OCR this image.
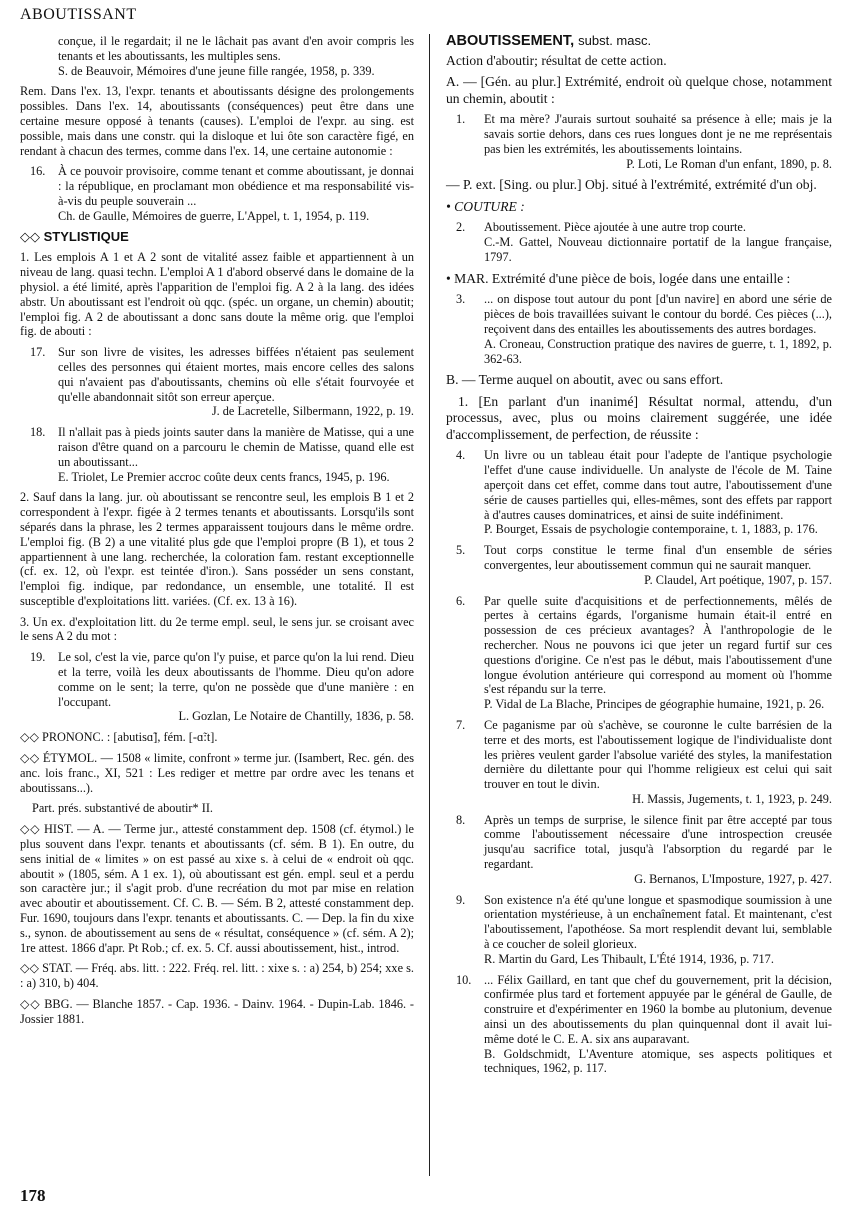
ABOUTISSANT
conçue, il le regardait; il ne le lâchait pas avant d'en avoir compris les tenants et les aboutissants, les multiples sens.
S. de Beauvoir, Mémoires d'une jeune fille rangée, 1958, p. 339.

Rem. Dans l'ex. 13, l'expr. tenants et aboutissants désigne des prolongements possibles. Dans l'ex. 14, aboutissants (conséquences) peut être dans une certaine mesure opposé à tenants (causes). L'emploi de l'expr. au sing. est possible, mais dans une constr. qui la disloque et lui ôte son caractère figé, en rendant à chacun des termes, comme dans l'ex. 14, une certaine autonomie :

16. À ce pouvoir provisoire, comme tenant et comme aboutissant, je donnai : la république, en proclamant mon obédience et ma responsabilité vis-à-vis du peuple souverain ...
Ch. de Gaulle, Mémoires de guerre, L'Appel, t. 1, 1954, p. 119.
◇◇ STYLISTIQUE

1. Les emplois A 1 et A 2 sont de vitalité assez faible et appartiennent à un niveau de lang. quasi techn. L'emploi A 1 d'abord observé dans le domaine de la physiol. a été limité, après l'apparition de l'emploi fig. A 2 à la lang. des idées abstr. Un aboutissant est l'endroit où qqc. (spéc. un organe, un chemin) aboutit; l'emploi fig. A 2 de aboutissant a donc sans doute la même orig. que l'emploi fig. de abouti :

17. Sur son livre de visites, les adresses biffées n'étaient pas seulement celles des personnes qui étaient mortes, mais encore celles des salons qui n'avaient pas d'aboutissants, chemins où elle s'était fourvoyée et qu'elle abandonnait sitôt son erreur aperçue.
J. de Lacretelle, Silbermann, 1922, p. 19.
18. Il n'allait pas à pieds joints sauter dans la manière de Matisse, qui a une raison d'être quand on a parcouru le chemin de Matisse, quand elle est un aboutissant...
E. Triolet, Le Premier accroc coûte deux cents francs, 1945, p. 196.

2. Sauf dans la lang. jur. où aboutissant se rencontre seul, les emplois B 1 et 2 correspondent à l'expr. figée à 2 termes tenants et aboutissants. Lorsqu'ils sont séparés dans la phrase, les 2 termes apparaissent toujours dans le même ordre. L'emploi fig. (B 2) a une vitalité plus gde que l'emploi propre (B 1), et tous 2 appartiennent à une lang. recherchée, la coloration fam. restant exceptionnelle (cf. ex. 12, où l'expr. est teintée d'iron.). Sans posséder un sens constant, l'emploi fig. indique, par redondance, un ensemble, une totalité. Il est susceptible d'exploitations litt. variées. (Cf. ex. 13 à 16).

3. Un ex. d'exploitation litt. du 2e terme empl. seul, le sens jur. se croisant avec le sens A 2 du mot :

19. Le sol, c'est la vie, parce qu'on l'y puise, et parce qu'on la lui rend. Dieu et la terre, voilà les deux aboutissants de l'homme. Dieu qu'on adore comme on le sent; la terre, qu'on ne possède que d'une manière : en l'occupant.
L. Gozlan, Le Notaire de Chantilly, 1836, p. 58.

◇◇ PRONONC. : [abutisɑ̃], fém. [-ɑ̃:t].

◇◇ ÉTYMOL. — 1508 « limite, confront » terme jur. (Isambert, Rec. gén. des anc. lois franc., XI, 521 : Les rediger et mettre par ordre avec les tenans et aboutissans...).

Part. prés. substantivé de aboutir* II.

◇◇ HIST. — A. — Terme jur., attesté constamment dep. 1508 (cf. étymol.) le plus souvent dans l'expr. tenants et aboutissants (cf. sém. B 1). En outre, du sens initial de « limites » on est passé au xixe s. à celui de « endroit où qqc. aboutit » (1805, sém. A 1 ex. 1), où aboutissant est gén. empl. seul et a perdu son caractère jur.; il s'agit prob. d'une recréation du mot par mise en relation avec aboutir et aboutissement. Cf. C. B. — Sém. B 2, attesté constamment dep. Fur. 1690, toujours dans l'expr. tenants et aboutissants. C. — Dep. la fin du xixe s., synon. de aboutissement au sens de « résultat, conséquence » (cf. sém. A 2); 1re attest. 1866 d'apr. Pt Rob.; cf. ex. 5. Cf. aussi aboutissement, hist., introd.

◇◇ STAT. — Fréq. abs. litt. : 222. Fréq. rel. litt. : xixe s. : a) 254, b) 254; xxe s. : a) 310, b) 404.

◇◇ BBG. — Blanche 1857. - Cap. 1936. - Dainv. 1964. - Dupin-Lab. 1846. - Jossier 1881.

ABOUTISSEMENT, subst. masc.

Action d'aboutir; résultat de cette action.

A. — [Gén. au plur.] Extrémité, endroit où quelque chose, notamment un chemin, aboutit :

1. Et ma mère? J'aurais surtout souhaité sa présence à elle; mais je la savais sortie dehors, dans ces rues longues dont je ne me représentais pas bien les extrémités, les aboutissements lointains.
P. Loti, Le Roman d'un enfant, 1890, p. 8.

— P. ext. [Sing. ou plur.] Obj. situé à l'extrémité, extrémité d'un obj.

• COUTURE :

2. Aboutissement. Pièce ajoutée à une autre trop courte.
C.-M. Gattel, Nouveau dictionnaire portatif de la langue française, 1797.

• MAR. Extrémité d'une pièce de bois, logée dans une entaille :

3. ... on dispose tout autour du pont [d'un navire] en abord une série de pièces de bois travaillées suivant le contour du bordé. Ces pièces (...), reçoivent dans des entailles les aboutissements des autres bordages.
A. Croneau, Construction pratique des navires de guerre, t. 1, 1892, p. 362-63.

B. — Terme auquel on aboutit, avec ou sans effort.

1. [En parlant d'un inanimé] Résultat normal, attendu, d'un processus, avec, plus ou moins clairement suggérée, une idée d'accomplissement, de perfection, de réussite :

4. Un livre ou un tableau était pour l'adepte de l'antique psychologie l'effet d'une cause individuelle. Un analyste de l'école de M. Taine aperçoit dans cet effet, comme dans tout autre, l'aboutissement d'une série de causes partielles qui, elles-mêmes, sont des effets par rapport à d'autres causes dominatrices, et ainsi de suite indéfiniment.
P. Bourget, Essais de psychologie contemporaine, t. 1, 1883, p. 176.
5. Tout corps constitue le terme final d'un ensemble de séries convergentes, leur aboutissement commun qui ne saurait manquer.
P. Claudel, Art poétique, 1907, p. 157.
6. Par quelle suite d'acquisitions et de perfectionnements, mêlés de pertes à certains égards, l'organisme humain était-il entré en possession de ces précieux avantages? À l'anthropologie de le rechercher. Nous ne pouvons ici que jeter un regard furtif sur ces questions d'origine. Ce n'est pas le début, mais l'aboutissement d'une longue évolution antérieure qui correspond au moment où l'homme s'est répandu sur la terre.
P. Vidal de La Blache, Principes de géographie humaine, 1921, p. 26.
7. Ce paganisme par où s'achève, se couronne le culte barrésien de la terre et des morts, est l'aboutissement logique de l'individualiste dont les prières veulent garder l'absolue variété des styles, la manifestation dernière du dilettante pour qui l'homme religieux est celui qui sait trouver en tout le divin.
H. Massis, Jugements, t. 1, 1923, p. 249.
8. Après un temps de surprise, le silence finit par être accepté par tous comme l'aboutissement nécessaire d'une introspection creusée jusqu'au sacrifice total, jusqu'à l'absorption du regardé par le regardant.
G. Bernanos, L'Imposture, 1927, p. 427.
9. Son existence n'a été qu'une longue et spasmodique soumission à une orientation mystérieuse, à un enchaînement fatal. Et maintenant, c'est l'aboutissement, l'apothéose. Sa mort resplendit devant lui, semblable à ce coucher de soleil glorieux.
R. Martin du Gard, Les Thibault, L'Été 1914, 1936, p. 717.
10. ... Félix Gaillard, en tant que chef du gouvernement, prit la décision, confirmée plus tard et fortement appuyée par le général de Gaulle, de construire et d'expérimenter en 1960 la bombe au plutonium, devenue ainsi un des aboutissements du plan quinquennal dont il avait lui-même doté le C. E. A. six ans auparavant.
B. Goldschmidt, L'Aventure atomique, ses aspects politiques et techniques, 1962, p. 117.
178
